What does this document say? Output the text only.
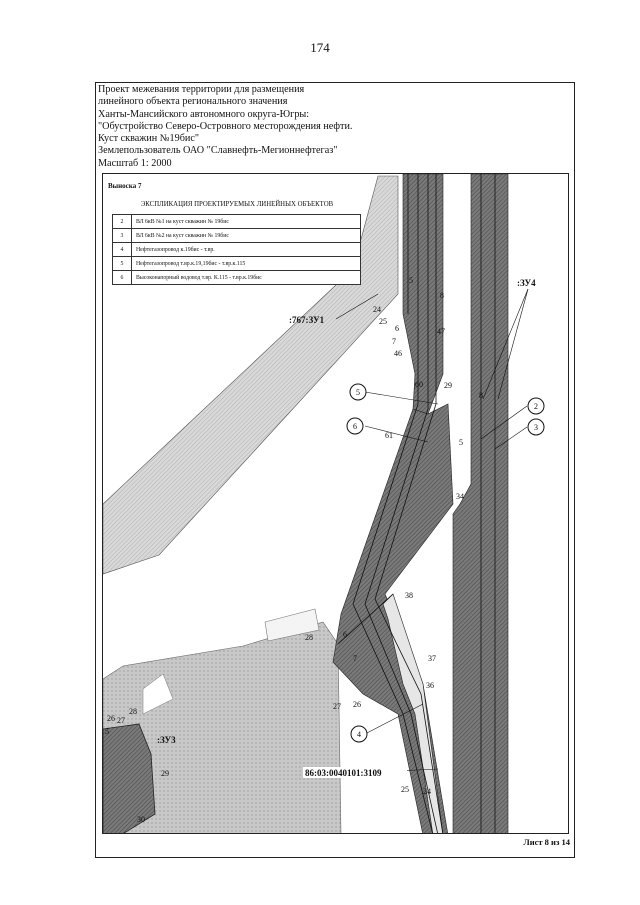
174
Проект межевания территории для размещения
линейного объекта регионального значения
Ханты-Мансийского автономного округа-Югры:
"Обустройство Северо-Островного месторождения нефти.
Куст скважин №19бис"
Землепользователь ОАО "Славнефть-Мегионнефтегаз"
Масштаб 1: 2000
5
6
2
3
4
:767:ЗУ1
:ЗУ4
:ЗУ3
86:03:0040101:3109
24
25
6
7
46
5
8
47
60	29
8
5
61
34
38
28	6
7	37
36
27 26
26 27
28
5
29
30
25 24
Выноска 7
ЭКСПЛИКАЦИЯ ПРОЕКТИРУЕМЫХ ЛИНЕЙНЫХ ОБЪЕКТОВ
2	ВЛ 6кВ №1 на куст скважин № 19бис
3	ВЛ 6кВ №2 на куст скважин № 19бис
4	Нефтегазопровод к.19бис - т.вр.
5	Нефтегазопровод т.вр.к.19,19бис - т.вр.к.115
6	Высоконапорный водовод т.вр. К.115 - т.вр.к.19бис
Лист 8 из 14
